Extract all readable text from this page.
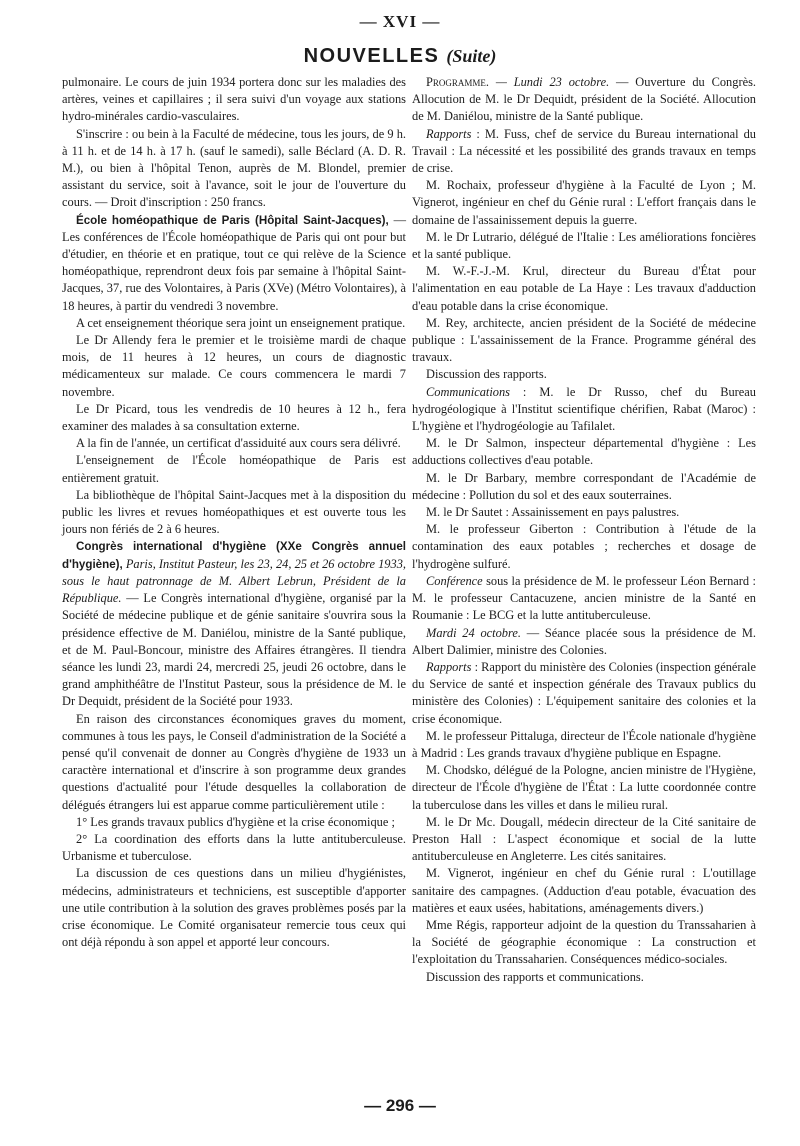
— XVI —
NOUVELLES (Suite)

pulmonaire. Le cours de juin 1934 portera donc sur les maladies des artères, veines et capillaires ; il sera suivi d'un voyage aux stations hydro-minérales cardio-vasculaires.

S'inscrire : ou bein à la Faculté de médecine, tous les jours, de 9 h. à 11 h. et de 14 h. à 17 h. (sauf le samedi), salle Béclard (A. D. R. M.), ou bien à l'hôpital Tenon, auprès de M. Blondel, premier assistant du service, soit à l'avance, soit le jour de l'ouverture du cours. — Droit d'inscription : 250 francs.

École homéopathique de Paris (Hôpital Saint-Jacques), — Les conférences de l'École homéopathique de Paris qui ont pour but d'étudier, en théorie et en pratique, tout ce qui relève de la Science homéopathique, reprendront deux fois par semaine à l'hôpital Saint-Jacques, 37, rue des Volontaires, à Paris (XVe) (Métro Volontaires), à 18 heures, à partir du vendredi 3 novembre.

A cet enseignement théorique sera joint un enseignement pratique.

Le Dr Allendy fera le premier et le troisième mardi de chaque mois, de 11 heures à 12 heures, un cours de diagnostic médicamenteux sur malade. Ce cours commencera le mardi 7 novembre.

Le Dr Picard, tous les vendredis de 10 heures à 12 h., fera examiner des malades à sa consultation externe.

A la fin de l'année, un certificat d'assiduité aux cours sera délivré.

L'enseignement de l'École homéopathique de Paris est entièrement gratuit.

La bibliothèque de l'hôpital Saint-Jacques met à la disposition du public les livres et revues homéopathiques et est ouverte tous les jours non fériés de 2 à 6 heures.

Congrès international d'hygiène (XXe Congrès annuel d'hygiène), Paris, Institut Pasteur, les 23, 24, 25 et 26 octobre 1933, sous le haut patronnage de M. Albert Lebrun, Président de la République. — Le Congrès international d'hygiène, organisé par la Société de médecine publique et de génie sanitaire s'ouvrira sous la présidence effective de M. Daniélou, ministre de la Santé publique, et de M. Paul-Boncour, ministre des Affaires étrangères. Il tiendra séance les lundi 23, mardi 24, mercredi 25, jeudi 26 octobre, dans le grand amphithéâtre de l'Institut Pasteur, sous la présidence de M. le Dr Dequidt, président de la Société pour 1933.

En raison des circonstances économiques graves du moment, communes à tous les pays, le Conseil d'administration de la Société a pensé qu'il convenait de donner au Congrès d'hygiène de 1933 un caractère international et d'inscrire à son programme deux grandes questions d'actualité pour l'étude desquelles la collaboration de délégués étrangers lui est apparue comme particulièrement utile :

1° Les grands travaux publics d'hygiène et la crise économique ;

2° La coordination des efforts dans la lutte antituberculeuse. Urbanisme et tuberculose.

La discussion de ces questions dans un milieu d'hygiénistes, médecins, administrateurs et techniciens, est susceptible d'apporter une utile contribution à la solution des graves problèmes posés par la crise économique. Le Comité organisateur remercie tous ceux qui ont déjà répondu à son appel et apporté leur concours.

Programme. — Lundi 23 octobre. — Ouverture du Congrès. Allocution de M. le Dr Dequidt, président de la Société. Allocution de M. Daniélou, ministre de la Santé publique.

Rapports : M. Fuss, chef de service du Bureau international du Travail : La nécessité et les possibilité des grands travaux en temps de crise.

M. Rochaix, professeur d'hygiène à la Faculté de Lyon ; M. Vignerot, ingénieur en chef du Génie rural : L'effort français dans le domaine de l'assainissement depuis la guerre.

M. le Dr Lutrario, délégué de l'Italie : Les améliorations foncières et la santé publique.

M. W.-F.-J.-M. Krul, directeur du Bureau d'État pour l'alimentation en eau potable de La Haye : Les travaux d'adduction d'eau potable dans la crise économique.

M. Rey, architecte, ancien président de la Société de médecine publique : L'assainissement de la France. Programme général des travaux.

Discussion des rapports.

Communications : M. le Dr Russo, chef du Bureau hydrogéologique à l'Institut scientifique chérifien, Rabat (Maroc) : L'hygiène et l'hydrogéologie au Tafilalet.

M. le Dr Salmon, inspecteur départemental d'hygiène : Les adductions collectives d'eau potable.

M. le Dr Barbary, membre correspondant de l'Académie de médecine : Pollution du sol et des eaux souterraines.

M. le Dr Sautet : Assainissement en pays palustres.

M. le professeur Giberton : Contribution à l'étude de la contamination des eaux potables ; recherches et dosage de l'hydrogène sulfuré.

Conférence sous la présidence de M. le professeur Léon Bernard : M. le professeur Cantacuzene, ancien ministre de la Santé en Roumanie : Le BCG et la lutte antituberculeuse.

Mardi 24 octobre. — Séance placée sous la présidence de M. Albert Dalimier, ministre des Colonies.

Rapports : Rapport du ministère des Colonies (inspection générale du Service de santé et inspection générale des Travaux publics du ministère des Colonies) : L'équipement sanitaire des colonies et la crise économique.

M. le professeur Pittaluga, directeur de l'École nationale d'hygiène à Madrid : Les grands travaux d'hygiène publique en Espagne.

M. Chodsko, délégué de la Pologne, ancien ministre de l'Hygiène, directeur de l'École d'hygiène de l'État : La lutte coordonnée contre la tuberculose dans les villes et dans le milieu rural.

M. le Dr Mc. Dougall, médecin directeur de la Cité sanitaire de Preston Hall : L'aspect économique et social de la lutte antituberculeuse en Angleterre. Les cités sanitaires.

M. Vignerot, ingénieur en chef du Génie rural : L'outillage sanitaire des campagnes. (Adduction d'eau potable, évacuation des matières et eaux usées, habitations, aménagements divers.)

Mme Régis, rapporteur adjoint de la question du Transsaharien à la Société de géographie économique : La construction et l'exploitation du Transsaharien. Conséquences médico-sociales.

Discussion des rapports et communications.

— 296 —
